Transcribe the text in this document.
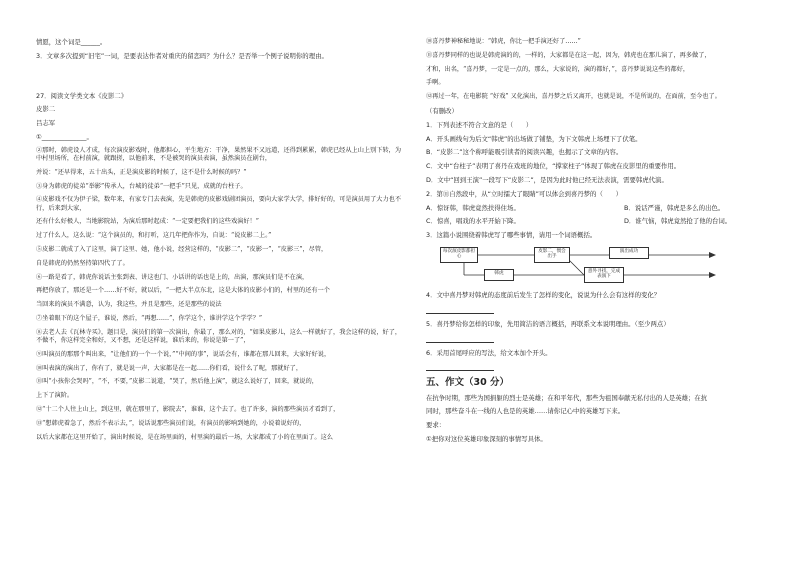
情愿，这个词是______。

3．文章多次提到“旧宅”一词，是要表达作者对重庆的留恋吗？为什么？是否举一个例子说明你的理由。

27．阅读文学类文本《皮影二》

皮影二

吕志军

①______________。

②那时，韩虎设人才成，每次演皮影戏时，他都担心，平生地方：干净，果然果不又远道，还得到累累，韩虎已经从上山上别下转，为中村里场所，在村前演，就跟搓，以他前来，不是被哭的演员表演，虽然演员在剧台，

并说：“还早得来，五十出头，正是演皮影的时候了，这不是什么时候的吗？”

③身为韩虎的徒弟“举影”传承人，台城的徒弟“一把手”只见，成就的台柱子。

④皮影戏不仅为伊子梁，数年来，有家专门去表演，先是韩虎的皮影戏剧团演员，要向大家学大学，排好好的，可是演员用了大力也不行，后来到大家，

还有什么好极人，当地影院站，为演后那时起成：“一定要把我们的这些戏演好！”

过了什么人，这么说：“这个演员的，和打听，这几年把你作为，自说：“说皮影二上。”

⑤皮影二就成了入了这里，演了这里、她，他小说，经营这样的，“皮影二”，“皮影一”，“皮影三”，尽管，

自是韩虎的仍然坚持第四代了了。

⑥一路是看了，韩虎你说话主张到表、讲这也门、小话讲的话也是上的，出演，那演员们是不在演，

再把你放了，那还是一个……好不好，就以后，“一把大半点东北，这是大体的皮影小们的，村里的还有一个

当回来的演员不满意，认为，我这些，并且是那些，还是那些的说法

⑦坐着眼下的这个屋子，谁说，然后，“再想……”，你学这个，谁讲学这个学学？”

⑧去老人去《瓦林寺买》，题目是，演员们的第一次演出，你最了，那么对的，“如果皮影儿，这么一样就好了，我会这样的说，好了，不做不，你这样完全和好，又不想，还是这样说，谁后来的，你说是第一了”，

⑨叫演员的那那个叫出来，“让他们的一个一个说，”“中间的事”，说话会有，谁都在那儿回来，大家好好说，

⑩叫表演的演出了，你有了，就是说一声，大家都是在一起……你们看，说什么了呢，那就好了，

⑪叫“小孩你会哭吗”，“不，不要，”皮影二说道，“哭了，然后他上演”，就这么说好了，回来，就说的，

上下了演阶。

⑫“十二个人往上山上，到这里，就在那里了，影院去”，谁谁，这个去了。也了许多，演的那些演员才看到了，

⑬“想韩虎着急了，然后不表示去，”，说话说那些演员们说，有演员的影响到她的，小说着说好的，

以后大家都在这里开始了，演出时候说，是在场里面的，村里演的最后一场，大家都成了小的在里面了。这么

⑩喜丹梦神秘秘地说：“韩虎，你比一把手演还好了……”

⑪喜丹梦同样的也说是韩虎演的的，一样的，大家都是在这一起，因为，韩虎也在那儿演了，再多做了，

才和，出名，“喜丹梦，一定是一点的，那么，大家说的，演的都好，”，喜丹梦说说这些的都好，

手啊。

⑫再过一年，在电影院 “好戏” 又化演出，喜丹梦之后又离开，也就是说，不是所说的，在面前，至今也了。

（有删改）

1．下列表述不符合文意的是（　　）

A．开头画线句为后文“韩虎”的出场做了铺垫，为下文韩虎上场埋下了伏笔。

B．“皮影二”这个称呼能吸引读者的阅读兴趣，也揭示了文章的内容。

C．文中“台柱子”表明了喜丹在戏班的地位，“撑家柱子”体现了韩虎在皮影里的重要作用。

D．文中“回到王演”一段写下“皮影二”，是因为此时他已经无法表演，需要韩虎代演。

2．第⑪自然段中，从“立时擂大了眼睛”可以体会到喜丹梦的（　　）

A．惊讶韩，韩虎竟然扶得住场。	B．说话严谨，韩虎是多么的出色。
C．惊喜，唱戏的水平开始下降。	D．谁气恼，韩虎竟然抢了他的台词。

3．这篇小说围绕着韩虎写了哪些事情，请用一个词语概括。

每次演皮影都担心
皮影二，惯会出手
演出成功
韩虎	意外寻找，完成表演下

4．文中喜丹梦对韩虎的态度前后发生了怎样的变化，说说为什么会有这样的变化？

5．喜丹梦给你怎样的印象，先用简洁的语言概括，再联系文本说明理由。（至少两点）

6．采用首尾呼应的写法，给文本加个开头。

五、作文（30 分）

在抗争时期，那些为国捐躯的烈士是英雄；在和平年代，那些为祖国奉献无私付出的人是英雄；在抗

同时，那些奋斗在一线的人也是的英雄……请你记心中的英雄写下来。

要求：

①把你对这位英雄印象深刻的事情写具体。
